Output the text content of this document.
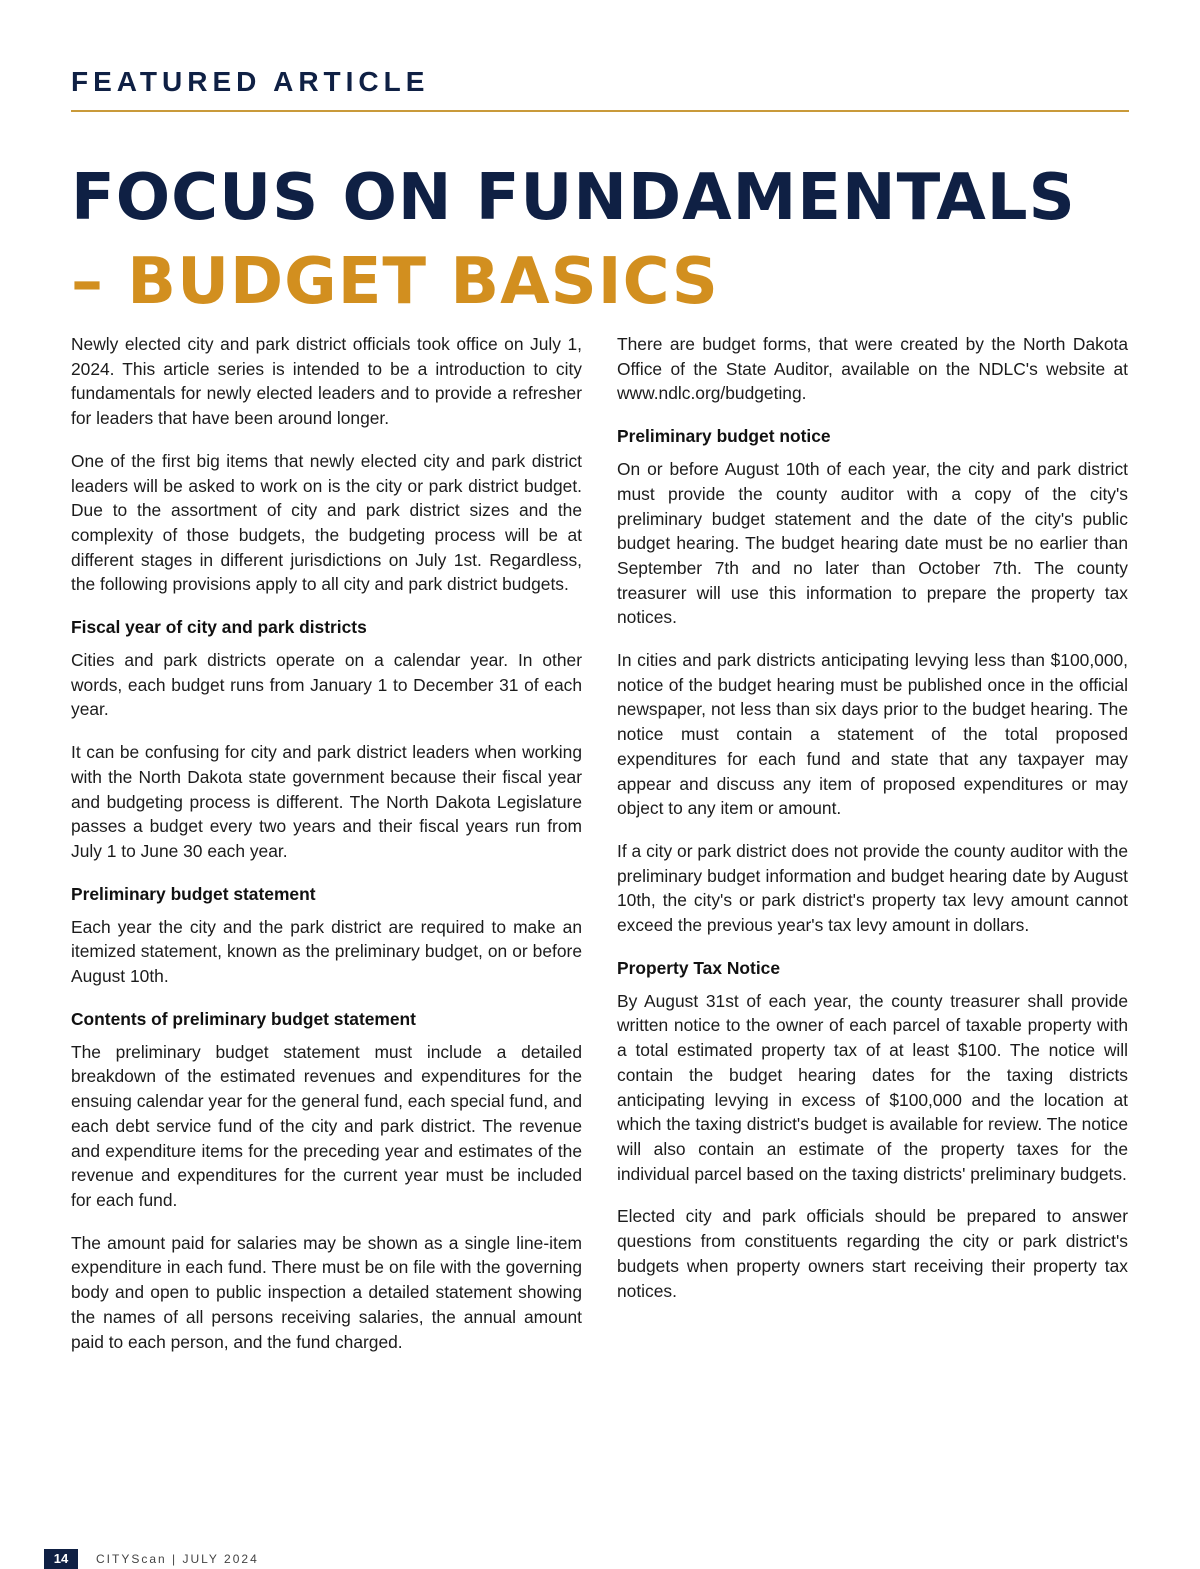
FEATURED ARTICLE
FOCUS ON FUNDAMENTALS
– BUDGET BASICS

Newly elected city and park district officials took office on July 1, 2024. This article series is intended to be a introduction to city fundamentals for newly elected leaders and to provide a refresher for leaders that have been around longer.

One of the first big items that newly elected city and park district leaders will be asked to work on is the city or park district budget. Due to the assortment of city and park district sizes and the complexity of those budgets, the budgeting process will be at different stages in different jurisdictions on July 1st. Regardless, the following provisions apply to all city and park district budgets.

Fiscal year of city and park districts

Cities and park districts operate on a calendar year. In other words, each budget runs from January 1 to December 31 of each year.

It can be confusing for city and park district leaders when working with the North Dakota state government because their fiscal year and budgeting process is different. The North Dakota Legislature passes a budget every two years and their fiscal years run from July 1 to June 30 each year.

Preliminary budget statement

Each year the city and the park district are required to make an itemized statement, known as the preliminary budget, on or before August 10th.

Contents of preliminary budget statement

The preliminary budget statement must include a detailed breakdown of the estimated revenues and expenditures for the ensuing calendar year for the general fund, each special fund, and each debt service fund of the city and park district. The revenue and expenditure items for the preceding year and estimates of the revenue and expenditures for the current year must be included for each fund.

The amount paid for salaries may be shown as a single line-item expenditure in each fund. There must be on file with the governing body and open to public inspection a detailed statement showing the names of all persons receiving salaries, the annual amount paid to each person, and the fund charged.

There are budget forms, that were created by the North Dakota Office of the State Auditor, available on the NDLC's website at www.ndlc.org/budgeting.

Preliminary budget notice

On or before August 10th of each year, the city and park district must provide the county auditor with a copy of the city's preliminary budget statement and the date of the city's public budget hearing. The budget hearing date must be no earlier than September 7th and no later than October 7th. The county treasurer will use this information to prepare the property tax notices.

In cities and park districts anticipating levying less than $100,000, notice of the budget hearing must be published once in the official newspaper, not less than six days prior to the budget hearing. The notice must contain a statement of the total proposed expenditures for each fund and state that any taxpayer may appear and discuss any item of proposed expenditures or may object to any item or amount.

If a city or park district does not provide the county auditor with the preliminary budget information and budget hearing date by August 10th, the city's or park district's property tax levy amount cannot exceed the previous year's tax levy amount in dollars.

Property Tax Notice

By August 31st of each year, the county treasurer shall provide written notice to the owner of each parcel of taxable property with a total estimated property tax of at least $100. The notice will contain the budget hearing dates for the taxing districts anticipating levying in excess of $100,000 and the location at which the taxing district's budget is available for review. The notice will also contain an estimate of the property taxes for the individual parcel based on the taxing districts' preliminary budgets.

Elected city and park officials should be prepared to answer questions from constituents regarding the city or park district's budgets when property owners start receiving their property tax notices.

14	CITYScan | JULY 2024
